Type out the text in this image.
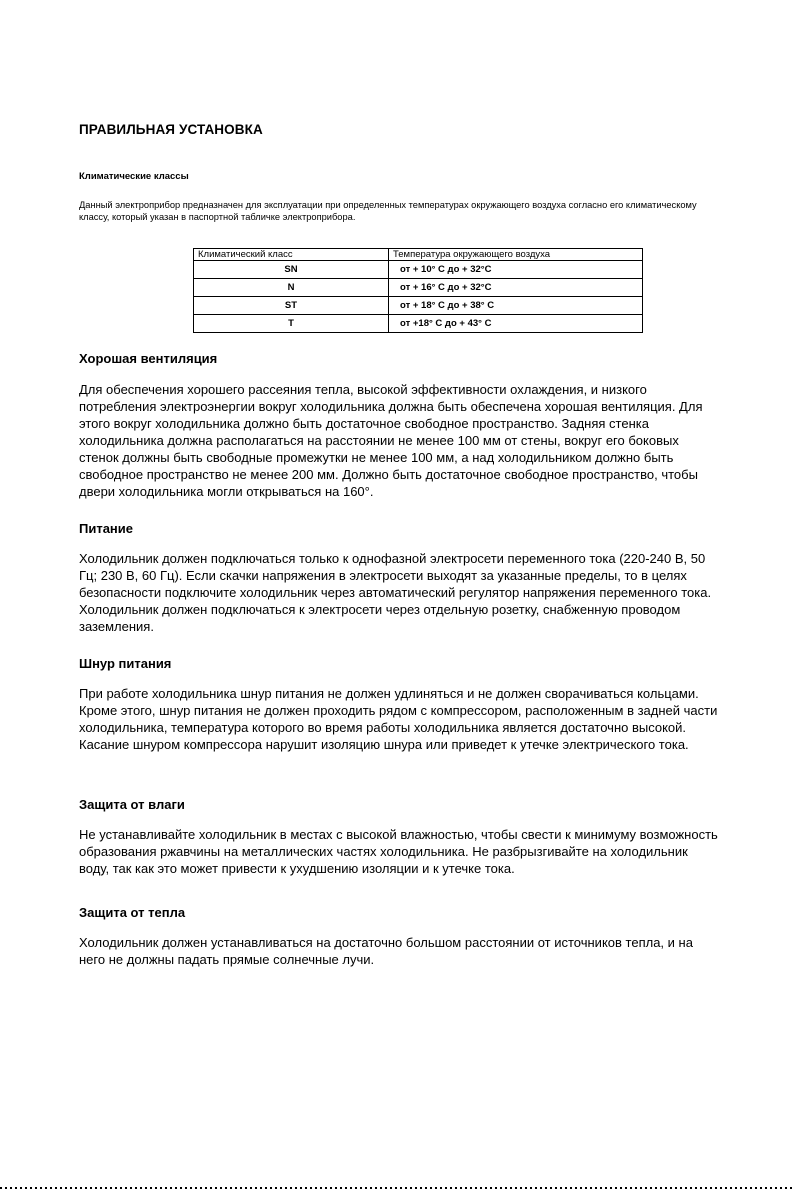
ПРАВИЛЬНАЯ УСТАНОВКА
Климатические классы
Данный электроприбор предназначен для эксплуатации при определенных температурах окружающего воздуха согласно его климатическому классу, который указан в паспортной табличке электроприбора.
Климатический класс	Температура окружающего воздуха
SN	от + 10° С до + 32°С
N	от + 16° С до + 32°С
ST	от + 18° С до + 38° С
T	от +18° С до + 43° С
Хорошая вентиляция

Для обеспечения хорошего рассеяния тепла, высокой эффективности охлаждения, и низкого потребления электроэнергии вокруг холодильника должна быть обеспечена хорошая вентиляция. Для этого вокруг холодильника должно быть достаточное свободное пространство. Задняя стенка холодильника должна располагаться на расстоянии не менее 100 мм от стены, вокруг его боковых стенок должны быть свободные промежутки не менее 100 мм, а над холодильником должно быть свободное пространство не менее 200 мм. Должно быть достаточное свободное пространство, чтобы двери холодильника могли открываться на 160°.

Питание

Холодильник должен подключаться только к однофазной электросети переменного тока (220-240 В, 50 Гц; 230 В, 60 Гц). Если скачки напряжения в электросети выходят за указанные пределы, то в целях безопасности подключите холодильник через автоматический регулятор напряжения переменного тока. Холодильник должен подключаться к электросети через отдельную розетку, снабженную проводом заземления.

Шнур питания

При работе холодильника шнур питания не должен удлиняться и не должен сворачиваться кольцами. Кроме этого, шнур питания не должен проходить рядом с компрессором, расположенным в задней части холодильника, температура которого во время работы холодильника является достаточно высокой. Касание шнуром компрессора нарушит изоляцию шнура или приведет к утечке электрического тока.

Защита от влаги

Не устанавливайте холодильник в местах с высокой влажностью, чтобы свести к минимуму возможность образования ржавчины на металлических частях холодильника. Не разбрызгивайте на холодильник воду, так как это может привести к ухудшению изоляции и к утечке тока.

Защита от тепла

Холодильник должен устанавливаться на достаточно большом расстоянии от источников тепла, и на него не должны падать прямые солнечные лучи.
